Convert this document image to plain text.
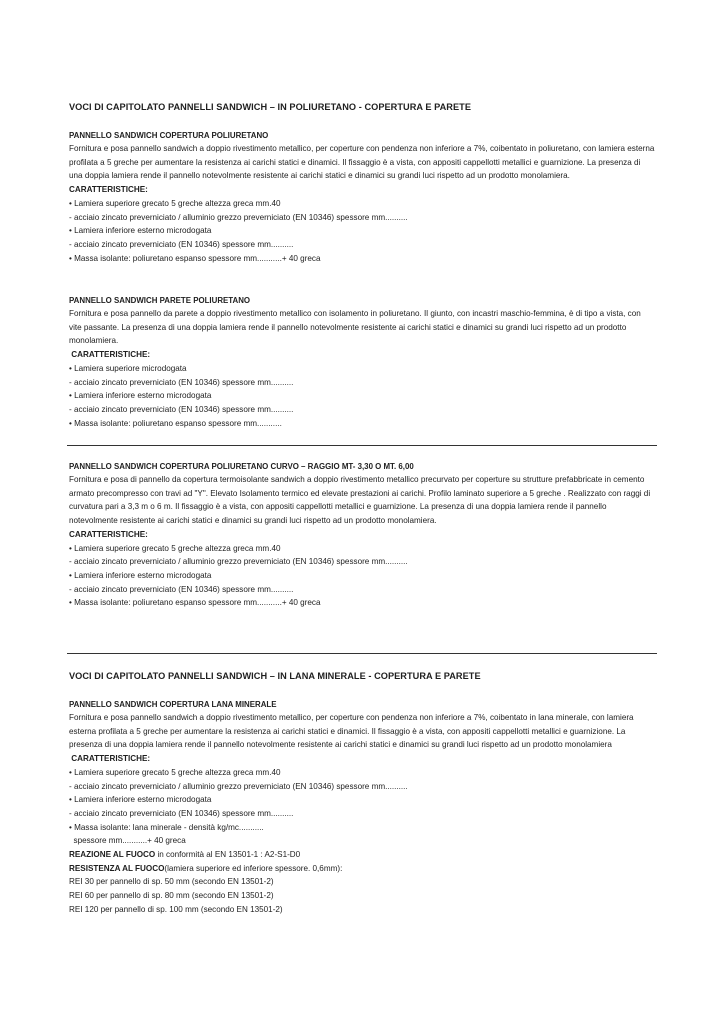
VOCI DI CAPITOLATO PANNELLI SANDWICH – IN POLIURETANO - COPERTURA E PARETE
PANNELLO SANDWICH COPERTURA POLIURETANO

Fornitura e posa pannello sandwich a doppio rivestimento metallico, per coperture con pendenza non inferiore a 7%, coibentato in poliuretano, con lamiera esterna profilata a 5 greche per aumentare la resistenza ai carichi statici e dinamici. Il fissaggio è a vista, con appositi cappellotti metallici e guarnizione. La presenza di una doppia lamiera rende il pannello notevolmente resistente ai carichi statici e dinamici su grandi luci rispetto ad un prodotto monolamiera.

CARATTERISTICHE:

• Lamiera superiore grecato 5 greche altezza greca mm.40

- acciaio zincato preverniciato / alluminio grezzo preverniciato (EN 10346) spessore mm..........

• Lamiera inferiore esterno microdogata

- acciaio zincato preverniciato (EN 10346) spessore mm..........

• Massa isolante: poliuretano espanso spessore mm...........+ 40 greca

PANNELLO SANDWICH PARETE POLIURETANO

Fornitura e posa pannello da parete a doppio rivestimento metallico con isolamento in poliuretano. Il giunto, con incastri maschio-femmina, è di tipo a vista, con vite passante. La presenza di una doppia lamiera rende il pannello notevolmente resistente ai carichi statici e dinamici su grandi luci rispetto ad un prodotto monolamiera.

CARATTERISTICHE:

• Lamiera superiore microdogata

- acciaio zincato preverniciato (EN 10346) spessore mm..........

• Lamiera inferiore esterno microdogata

- acciaio zincato preverniciato (EN 10346) spessore mm..........

• Massa isolante: poliuretano espanso spessore mm...........

PANNELLO SANDWICH COPERTURA POLIURETANO CURVO – RAGGIO MT- 3,30 O MT. 6,00

Fornitura e posa di pannello da copertura termoisolante sandwich a doppio rivestimento metallico precurvato per coperture su strutture prefabbricate in cemento armato precompresso con travi ad "Y". Elevato Isolamento termico ed elevate prestazioni ai carichi. Profilo laminato superiore a 5 greche . Realizzato con raggi di curvatura pari a 3,3 m o 6 m. Il fissaggio è a vista, con appositi cappellotti metallici e guarnizione. La presenza di una doppia lamiera rende il pannello notevolmente resistente ai carichi statici e dinamici su grandi luci rispetto ad un prodotto monolamiera.

CARATTERISTICHE:

• Lamiera superiore grecato 5 greche altezza greca mm.40

- acciaio zincato preverniciato / alluminio grezzo preverniciato (EN 10346) spessore mm..........

• Lamiera inferiore esterno microdogata

- acciaio zincato preverniciato (EN 10346) spessore mm..........

• Massa isolante: poliuretano espanso spessore mm...........+ 40 greca

VOCI DI CAPITOLATO PANNELLI SANDWICH – IN LANA MINERALE - COPERTURA E PARETE
PANNELLO SANDWICH COPERTURA LANA MINERALE

Fornitura e posa pannello sandwich a doppio rivestimento metallico, per coperture con pendenza non inferiore a 7%, coibentato in lana minerale, con lamiera esterna profilata a 5 greche per aumentare la resistenza ai carichi statici e dinamici. Il fissaggio è a vista, con appositi cappellotti metallici e guarnizione. La presenza di una doppia lamiera rende il pannello notevolmente resistente ai carichi statici e dinamici su grandi luci rispetto ad un prodotto monolamiera

CARATTERISTICHE:

• Lamiera superiore grecato 5 greche altezza greca mm.40

- acciaio zincato preverniciato / alluminio grezzo preverniciato (EN 10346) spessore mm..........

• Lamiera inferiore esterno microdogata

- acciaio zincato preverniciato (EN 10346) spessore mm..........

• Massa isolante: lana minerale - densità kg/mc...........

spessore mm...........+ 40 greca

REAZIONE AL FUOCO in conformità al EN 13501-1 : A2-S1-D0

RESISTENZA AL FUOCO(lamiera superiore ed inferiore spessore. 0,6mm):

REI 30 per pannello di sp. 50 mm (secondo EN 13501-2)

REI 60 per pannello di sp. 80 mm (secondo EN 13501-2)

REI 120 per pannello di sp. 100 mm (secondo EN 13501-2)
